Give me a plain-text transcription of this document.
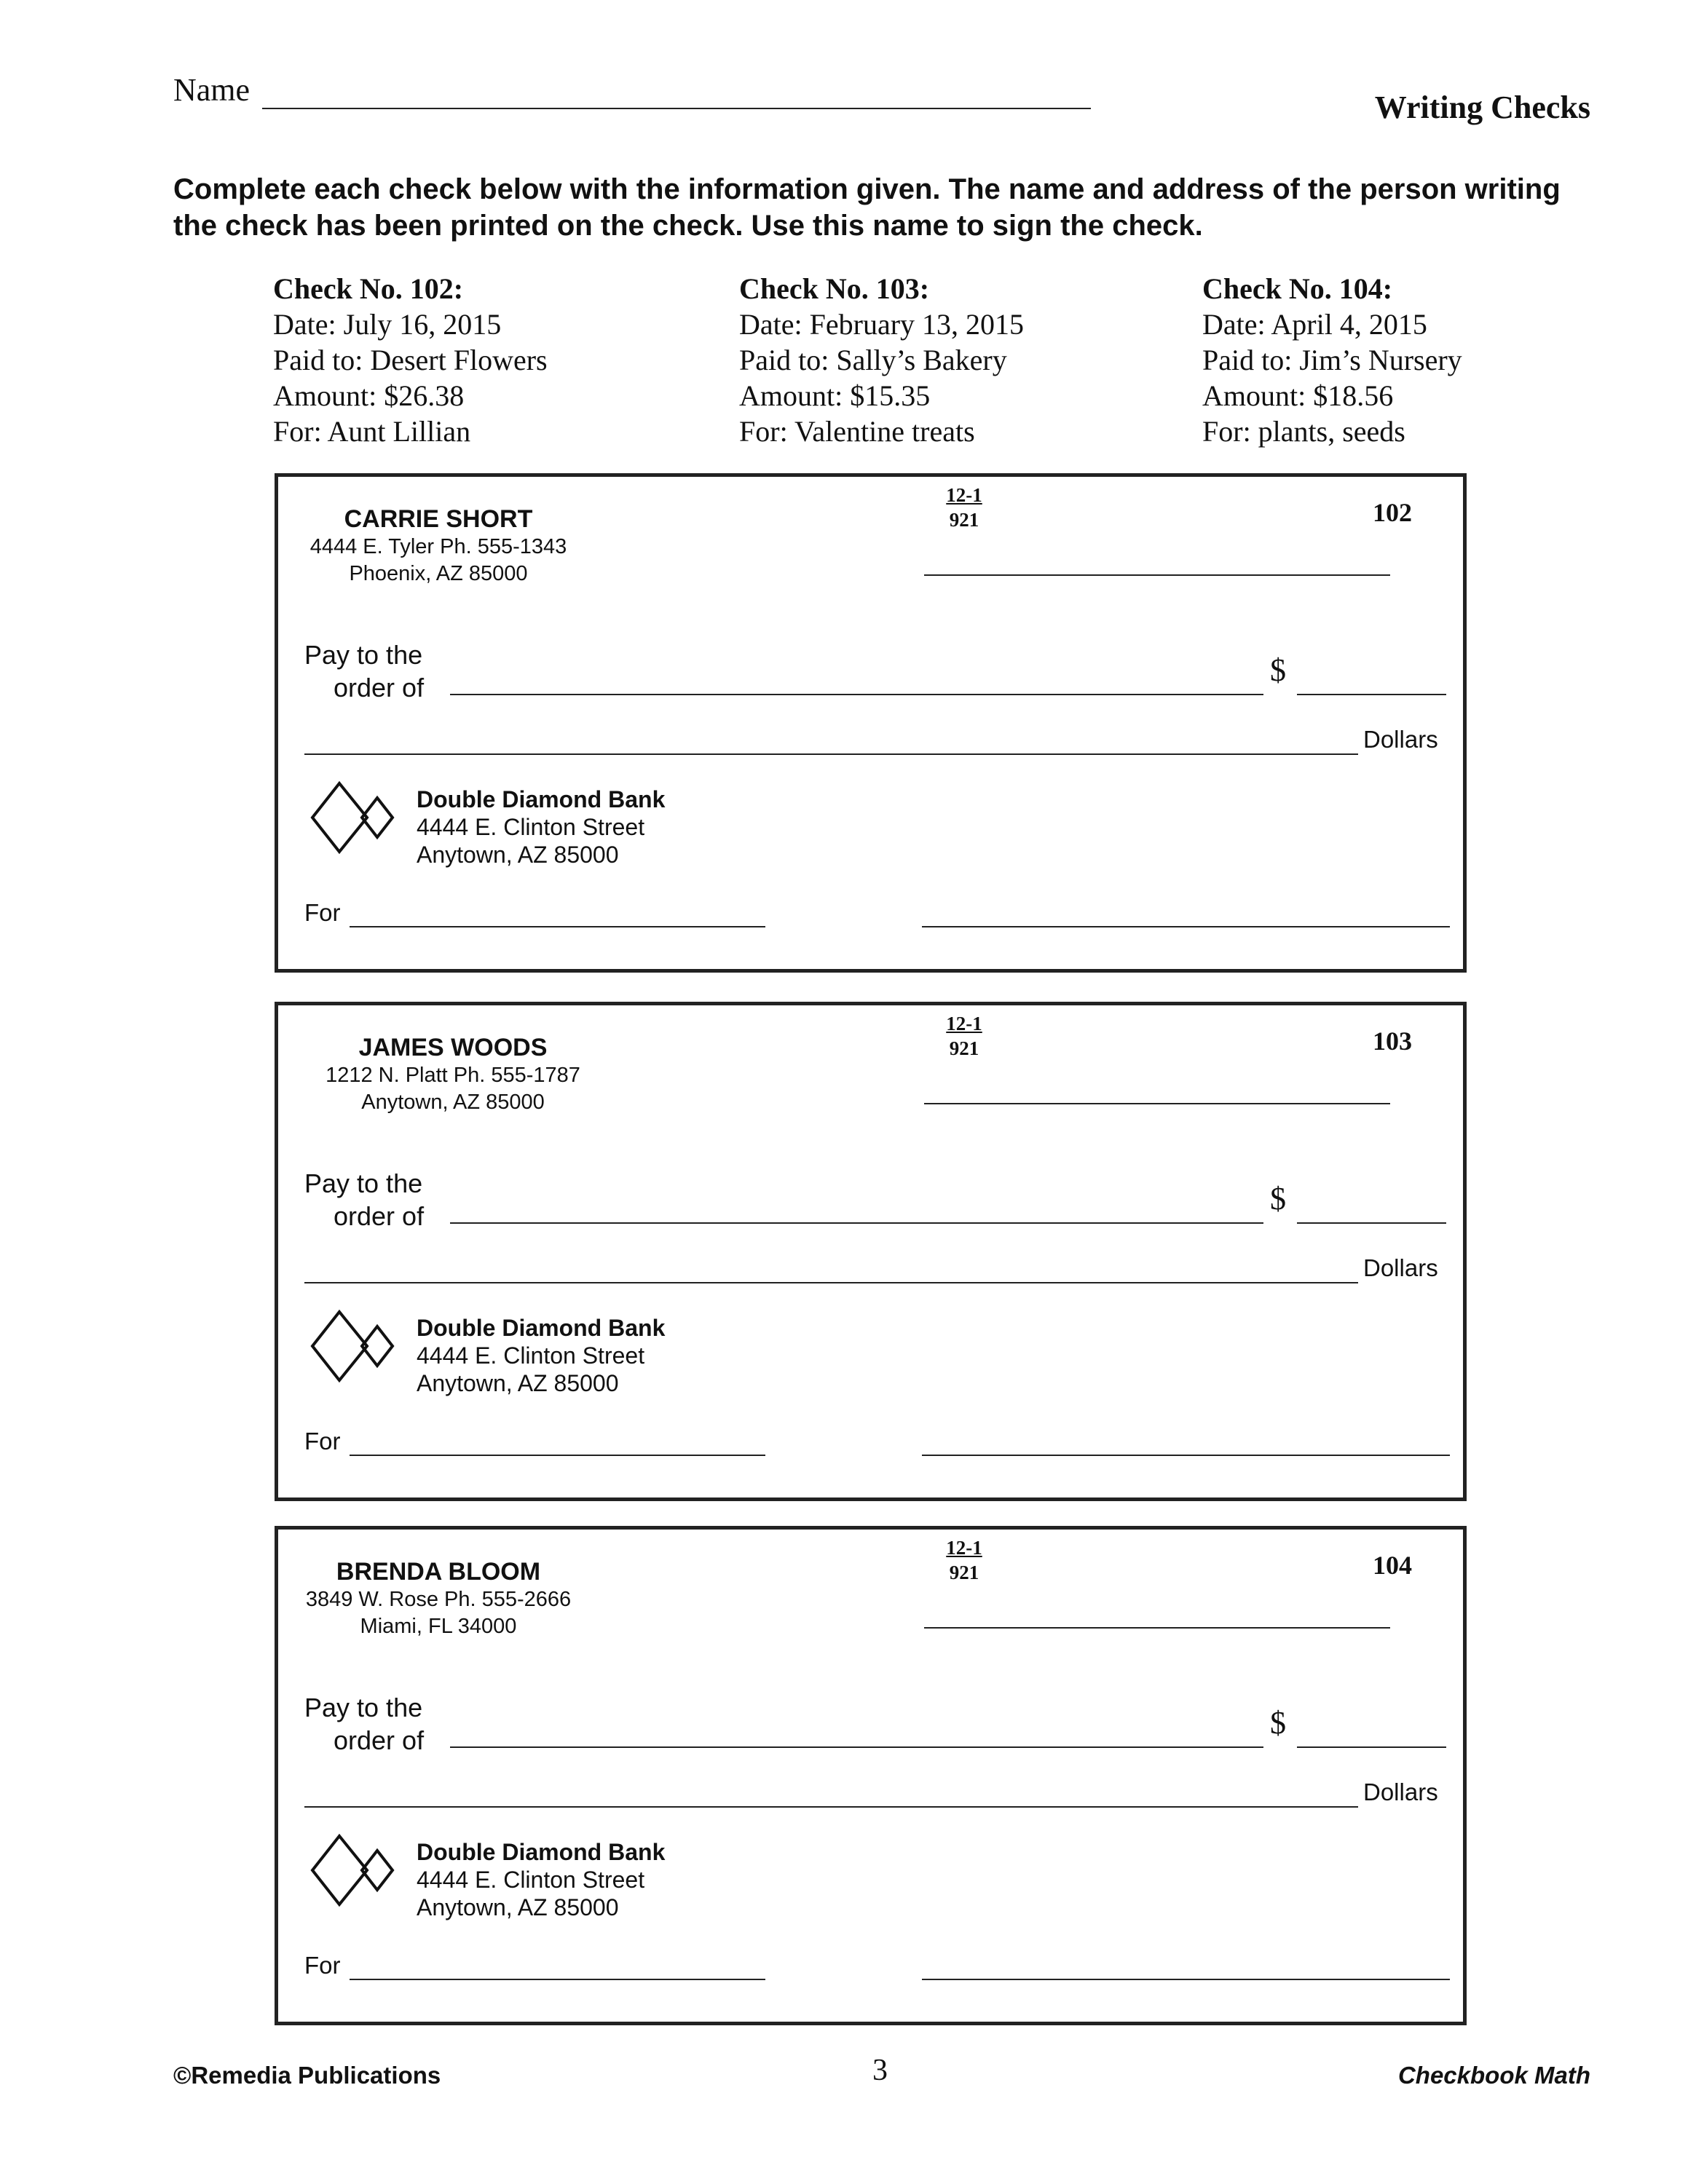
Name	Writing Checks
Complete each check below with the information given. The name and address of the person writing
the check has been printed on the check. Use this name to sign the check.
Check No. 102:
Date: July 16, 2015
Paid to: Desert Flowers
Amount: $26.38
For: Aunt Lillian
Check No. 103:
Date: February 13, 2015
Paid to: Sally’s Bakery
Amount: $15.35
For: Valentine treats
Check No. 104:
Date: April 4, 2015
Paid to: Jim’s Nursery
Amount: $18.56
For: plants, seeds
CARRIE SHORT
4444 E. Tyler Ph. 555-1343
Phoenix, AZ 85000
12-1
921	102
Pay to the
order of	$
Dollars
Double Diamond Bank
4444 E. Clinton Street
Anytown, AZ 85000
For
JAMES WOODS
1212 N. Platt Ph. 555-1787
Anytown, AZ 85000
12-1
921	103
Pay to the
order of	$
Dollars
Double Diamond Bank
4444 E. Clinton Street
Anytown, AZ 85000
For
BRENDA BLOOM
3849 W. Rose Ph. 555-2666
Miami, FL 34000
12-1
921	104
Pay to the
order of	$
Dollars
Double Diamond Bank
4444 E. Clinton Street
Anytown, AZ 85000
For
©Remedia Publications	3	Checkbook Math
